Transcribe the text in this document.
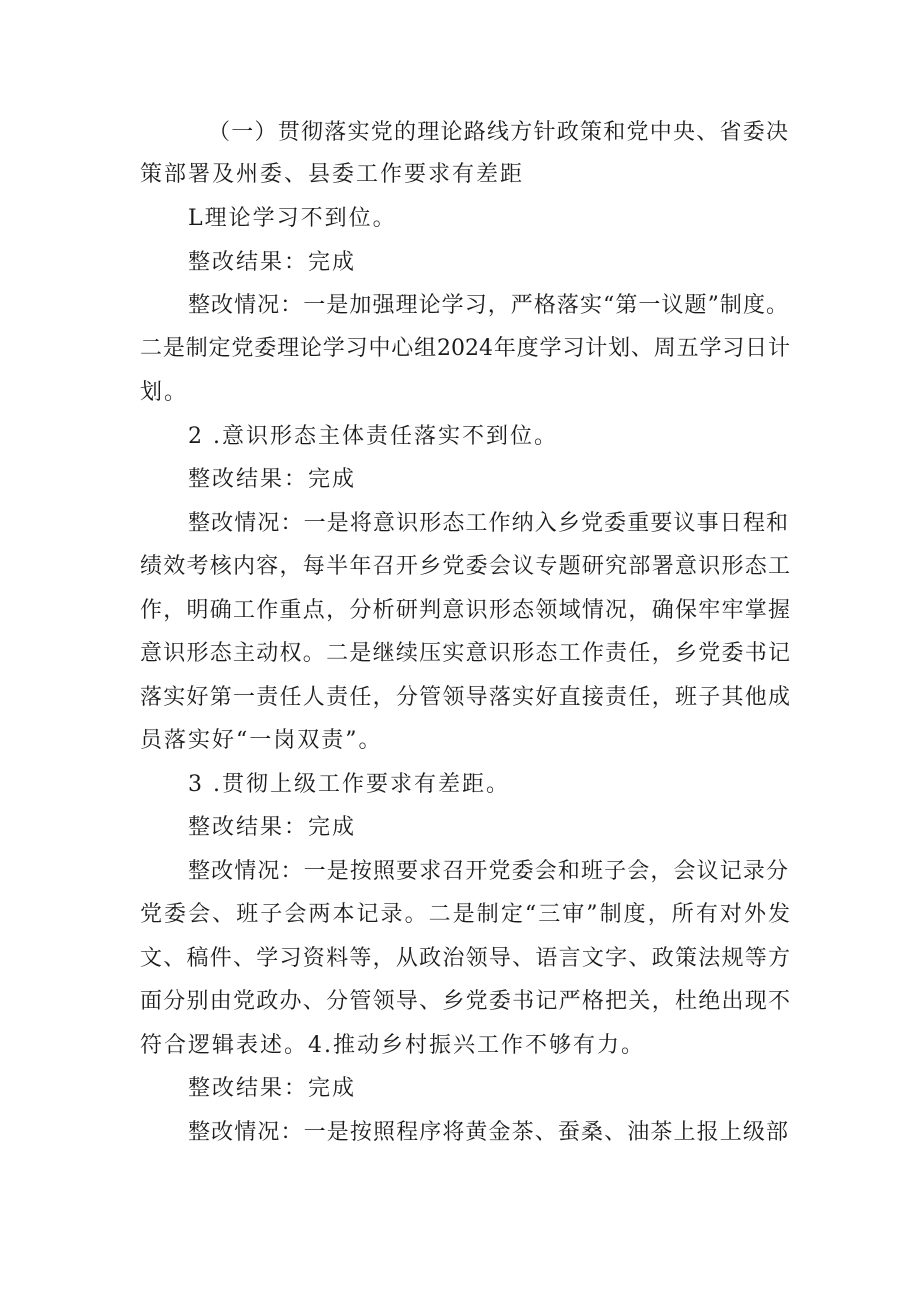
（一）贯彻落实党的理论路线方针政策和党中央、省委决
策部署及州委、县委工作要求有差距
L理论学习不到位。
整改结果：完成
整改情况：一是加强理论学习，严格落实“第一议题”制度。
二是制定党委理论学习中心组2024年度学习计划、周五学习日计
划。
2 .意识形态主体责任落实不到位。
整改结果：完成
整改情况：一是将意识形态工作纳入乡党委重要议事日程和
绩效考核内容，每半年召开乡党委会议专题研究部署意识形态工
作，明确工作重点，分析研判意识形态领域情况，确保牢牢掌握
意识形态主动权。二是继续压实意识形态工作责任，乡党委书记
落实好第一责任人责任，分管领导落实好直接责任，班子其他成
员落实好“一岗双责”。
3 .贯彻上级工作要求有差距。
整改结果：完成
整改情况：一是按照要求召开党委会和班子会，会议记录分
党委会、班子会两本记录。二是制定“三审”制度，所有对外发
文、稿件、学习资料等，从政治领导、语言文字、政策法规等方
面分别由党政办、分管领导、乡党委书记严格把关，杜绝出现不
符合逻辑表述。4.推动乡村振兴工作不够有力。
整改结果：完成
整改情况：一是按照程序将黄金茶、蚕桑、油茶上报上级部
